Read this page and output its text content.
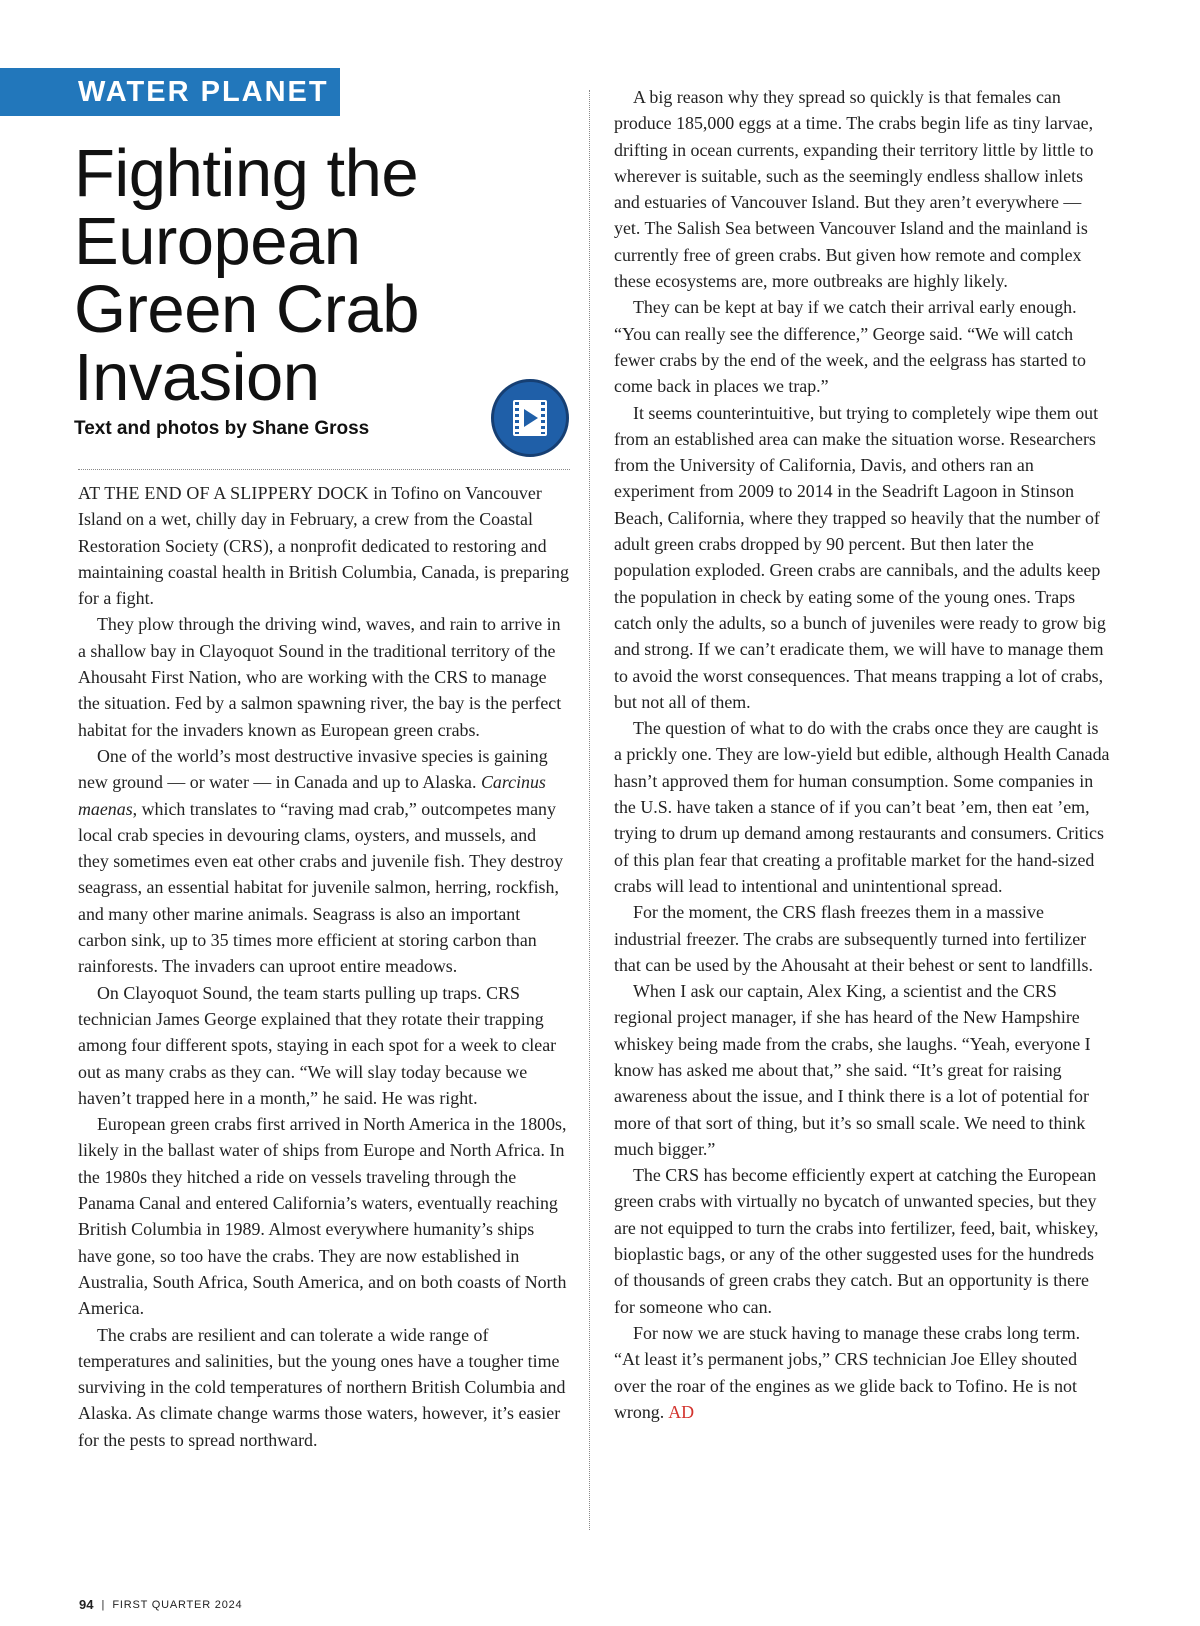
WATER PLANET
Fighting the European Green Crab Invasion
Text and photos by Shane Gross

AT THE END OF A SLIPPERY DOCK in Tofino on Vancouver Island on a wet, chilly day in February, a crew from the Coastal Restoration Society (CRS), a nonprofit dedicated to restoring and maintaining coastal health in British Columbia, Canada, is preparing for a fight.

They plow through the driving wind, waves, and rain to arrive in a shallow bay in Clayoquot Sound in the traditional territory of the Ahousaht First Nation, who are working with the CRS to manage the situation. Fed by a salmon spawning river, the bay is the perfect habitat for the invaders known as European green crabs.

One of the world’s most destructive invasive species is gaining new ground — or water — in Canada and up to Alaska. Carcinus maenas, which translates to “raving mad crab,” outcompetes many local crab species in devouring clams, oysters, and mussels, and they sometimes even eat other crabs and juvenile fish. They destroy seagrass, an essential habitat for juvenile salmon, herring, rockfish, and many other marine animals. Seagrass is also an important carbon sink, up to 35 times more efficient at storing carbon than rainforests. The invaders can uproot entire meadows.

On Clayoquot Sound, the team starts pulling up traps. CRS technician James George explained that they rotate their trapping among four different spots, staying in each spot for a week to clear out as many crabs as they can. “We will slay today because we haven’t trapped here in a month,” he said. He was right.

European green crabs first arrived in North America in the 1800s, likely in the ballast water of ships from Europe and North Africa. In the 1980s they hitched a ride on vessels traveling through the Panama Canal and entered California’s waters, eventually reaching British Columbia in 1989. Almost everywhere humanity’s ships have gone, so too have the crabs. They are now established in Australia, South Africa, South America, and on both coasts of North America.

The crabs are resilient and can tolerate a wide range of temperatures and salinities, but the young ones have a tougher time surviving in the cold temperatures of northern British Columbia and Alaska. As climate change warms those waters, however, it’s easier for the pests to spread northward.

A big reason why they spread so quickly is that females can produce 185,000 eggs at a time. The crabs begin life as tiny larvae, drifting in ocean currents, expanding their territory little by little to wherever is suitable, such as the seemingly endless shallow inlets and estuaries of Vancouver Island. But they aren’t everywhere — yet. The Salish Sea between Vancouver Island and the mainland is currently free of green crabs. But given how remote and complex these ecosystems are, more outbreaks are highly likely.

They can be kept at bay if we catch their arrival early enough. “You can really see the difference,” George said. “We will catch fewer crabs by the end of the week, and the eelgrass has started to come back in places we trap.”

It seems counterintuitive, but trying to completely wipe them out from an established area can make the situation worse. Researchers from the University of California, Davis, and others ran an experiment from 2009 to 2014 in the Seadrift Lagoon in Stinson Beach, California, where they trapped so heavily that the number of adult green crabs dropped by 90 percent. But then later the population exploded. Green crabs are cannibals, and the adults keep the population in check by eating some of the young ones. Traps catch only the adults, so a bunch of juveniles were ready to grow big and strong. If we can’t eradicate them, we will have to manage them to avoid the worst consequences. That means trapping a lot of crabs, but not all of them.

The question of what to do with the crabs once they are caught is a prickly one. They are low-yield but edible, although Health Canada hasn’t approved them for human consumption. Some companies in the U.S. have taken a stance of if you can’t beat ’em, then eat ’em, trying to drum up demand among restaurants and consumers. Critics of this plan fear that creating a profitable market for the hand-sized crabs will lead to intentional and unintentional spread.

For the moment, the CRS flash freezes them in a massive industrial freezer. The crabs are subsequently turned into fertilizer that can be used by the Ahousaht at their behest or sent to landfills.

When I ask our captain, Alex King, a scientist and the CRS regional project manager, if she has heard of the New Hampshire whiskey being made from the crabs, she laughs. “Yeah, everyone I know has asked me about that,” she said. “It’s great for raising awareness about the issue, and I think there is a lot of potential for more of that sort of thing, but it’s so small scale. We need to think much bigger.”

The CRS has become efficiently expert at catching the European green crabs with virtually no bycatch of unwanted species, but they are not equipped to turn the crabs into fertilizer, feed, bait, whiskey, bioplastic bags, or any of the other suggested uses for the hundreds of thousands of green crabs they catch. But an opportunity is there for someone who can.

For now we are stuck having to manage these crabs long term. “At least it’s permanent jobs,” CRS technician Joe Elley shouted over the roar of the engines as we glide back to Tofino. He is not wrong. AD

94 | FIRST QUARTER 2024
